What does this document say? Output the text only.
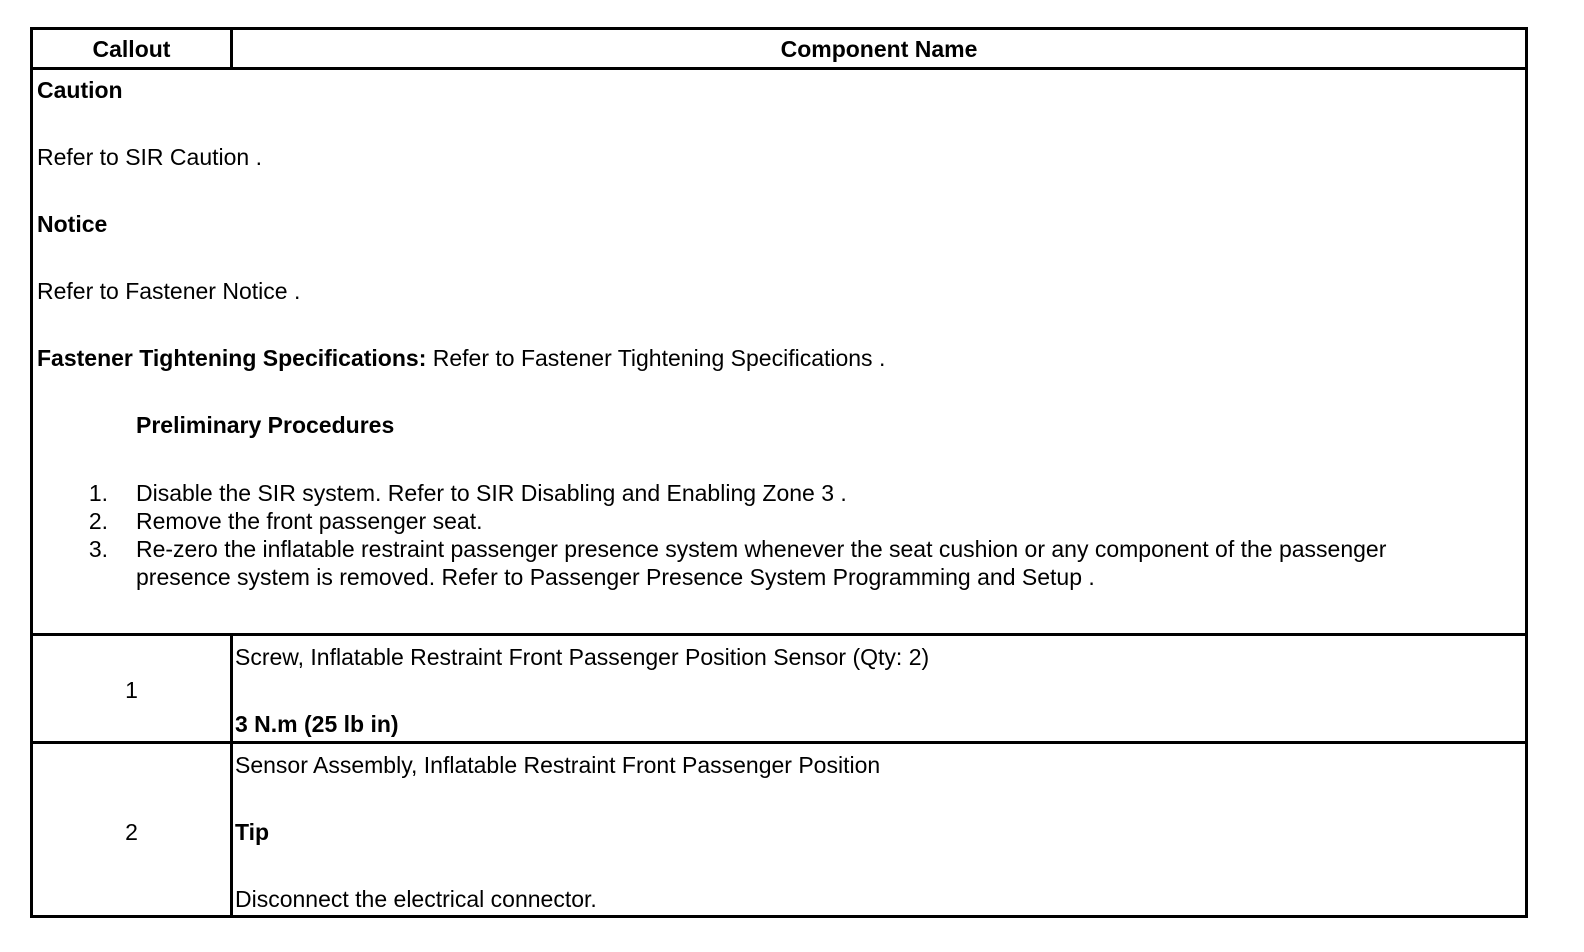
Callout	Component Name
Caution
Refer to SIR Caution .
Notice
Refer to Fastener Notice .
Fastener Tightening Specifications: Refer to Fastener Tightening Specifications .
Preliminary Procedures
1. Disable the SIR system. Refer to SIR Disabling and Enabling Zone 3 .
2. Remove the front passenger seat.
3. Re-zero the inflatable restraint passenger presence system whenever the seat cushion or any component of the passenger
presence system is removed. Refer to Passenger Presence System Programming and Setup .
1
Screw, Inflatable Restraint Front Passenger Position Sensor (Qty: 2)
3 N.m (25 lb in)
2
Sensor Assembly, Inflatable Restraint Front Passenger Position
Tip
Disconnect the electrical connector.
